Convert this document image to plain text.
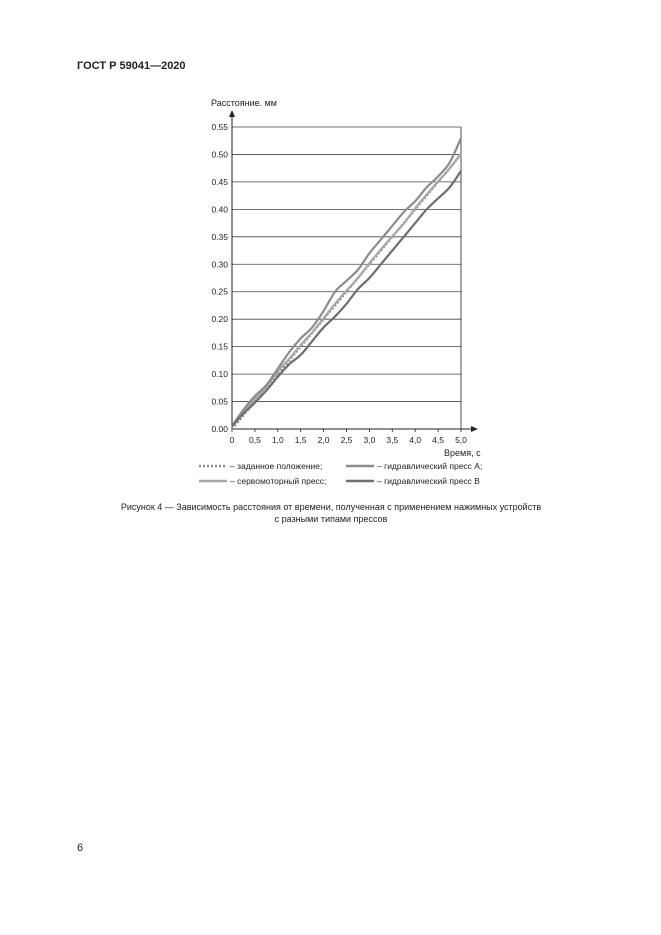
ГОСТ Р 59041—2020
0.00
0.05
0.10
0.15
0.20
0.25
0.30
0.35
0.40
0.45
0.50
0.55
0 0,5 1,0 1,5 2,0 2,5 3,0 3,5 4,0 4,5 5,0
Расстояние. мм
Время, с
– заданное положение;	– гидравлический пресс А;
– сервомоторный пресс;	– гидравлический пресс В
Рисунок 4 — Зависимость расстояния от времени, полученная с применением нажимных устройств
с разными типами прессов
6
